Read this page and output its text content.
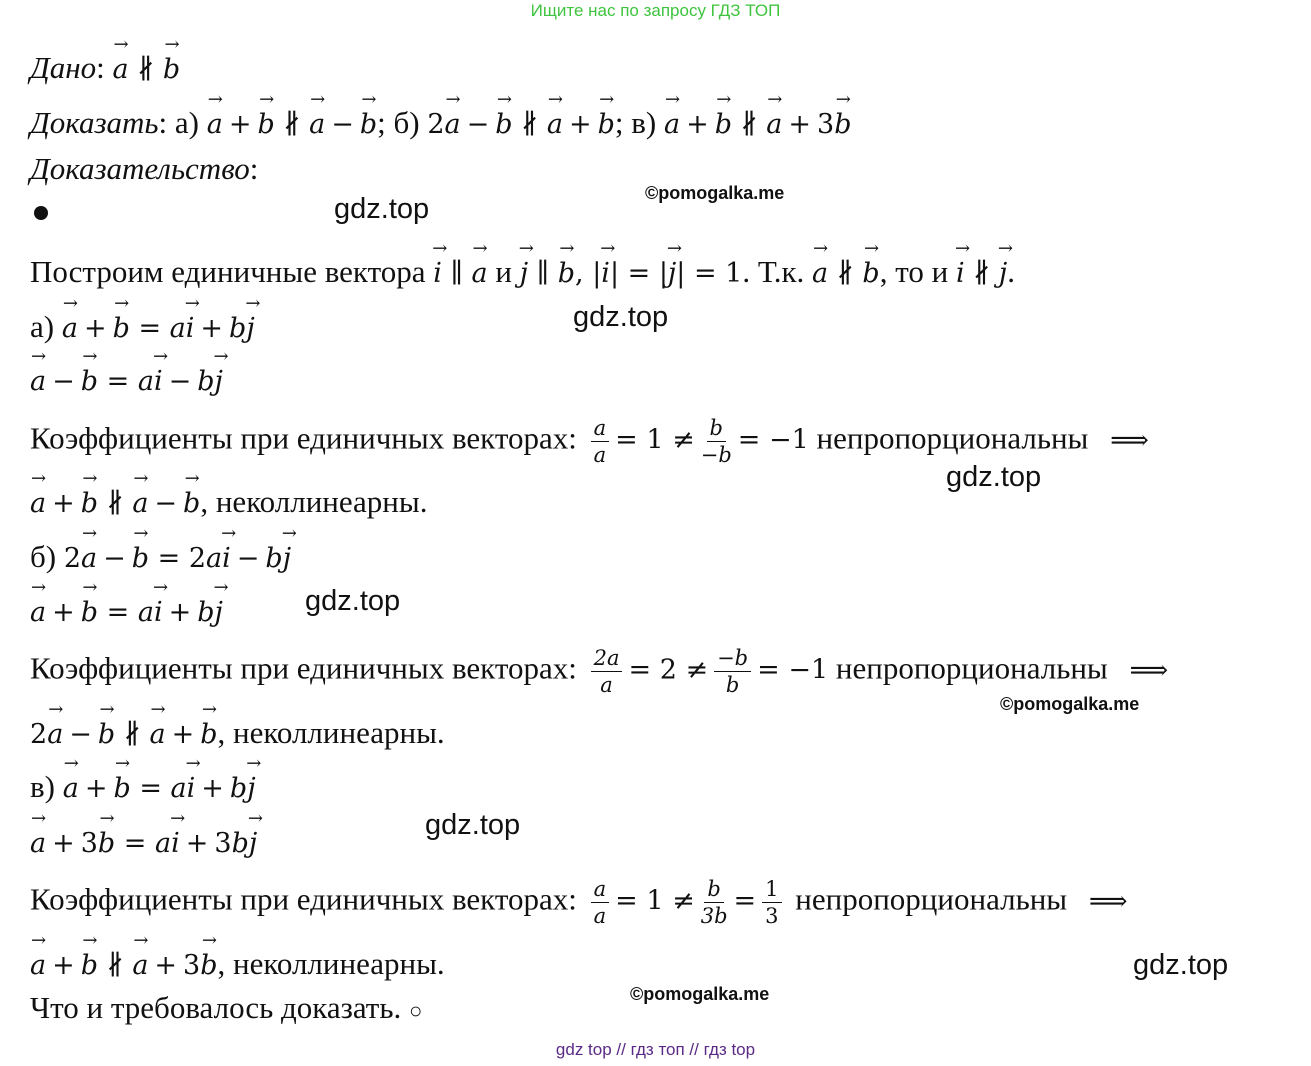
Ищите нас по запросу ГДЗ ТОП
Дано: a → ∦ b →
Доказать: а) a → + b → ∦ a → − b →; б) 2a → − b → ∦ a → + b →; в) a → + b → ∦ a → + 3b →
Доказательство:
Построим единичные вектора i → ∥ a → и j → ∥ b →, |i →| = |j →| = 1. Т.к. a → ∦ b →, то и i → ∦ j →.
а) a → + b → = ai → + bj →
a → − b → = ai → − bj →
Коэффициенты при единичных векторах: $\frac{a}{a} = 1 \ne \frac{b}{-b} = -1$ непропорциональны ⟹
a → + b → ∦ a → − b →, неколлинеарны.
б) 2a → − b → = 2ai → − bj →
a → + b → = ai → + bj →
Коэффициенты при единичных векторах: $\frac{2a}{a} = 2 \ne \frac{-b}{b} = -1$ непропорциональны ⟹
2a → − b → ∦ a → + b →, неколлинеарны.
в) a → + b → = ai → + bj →
a → + 3b → = ai → + 3bj →
Коэффициенты при единичных векторах: $\frac{a}{a} = 1 \ne \frac{b}{3b} = \frac{1}{3}$ непропорциональны ⟹
a → + b → ∦ a → + 3b →, неколлинеарны.
Что и требовалось доказать. ○
gdz.top
gdz.top
gdz.top
gdz.top
gdz.top
gdz.top
©pomogalka.me
©pomogalka.me
©pomogalka.me
gdz top // гдз топ // гдз top
